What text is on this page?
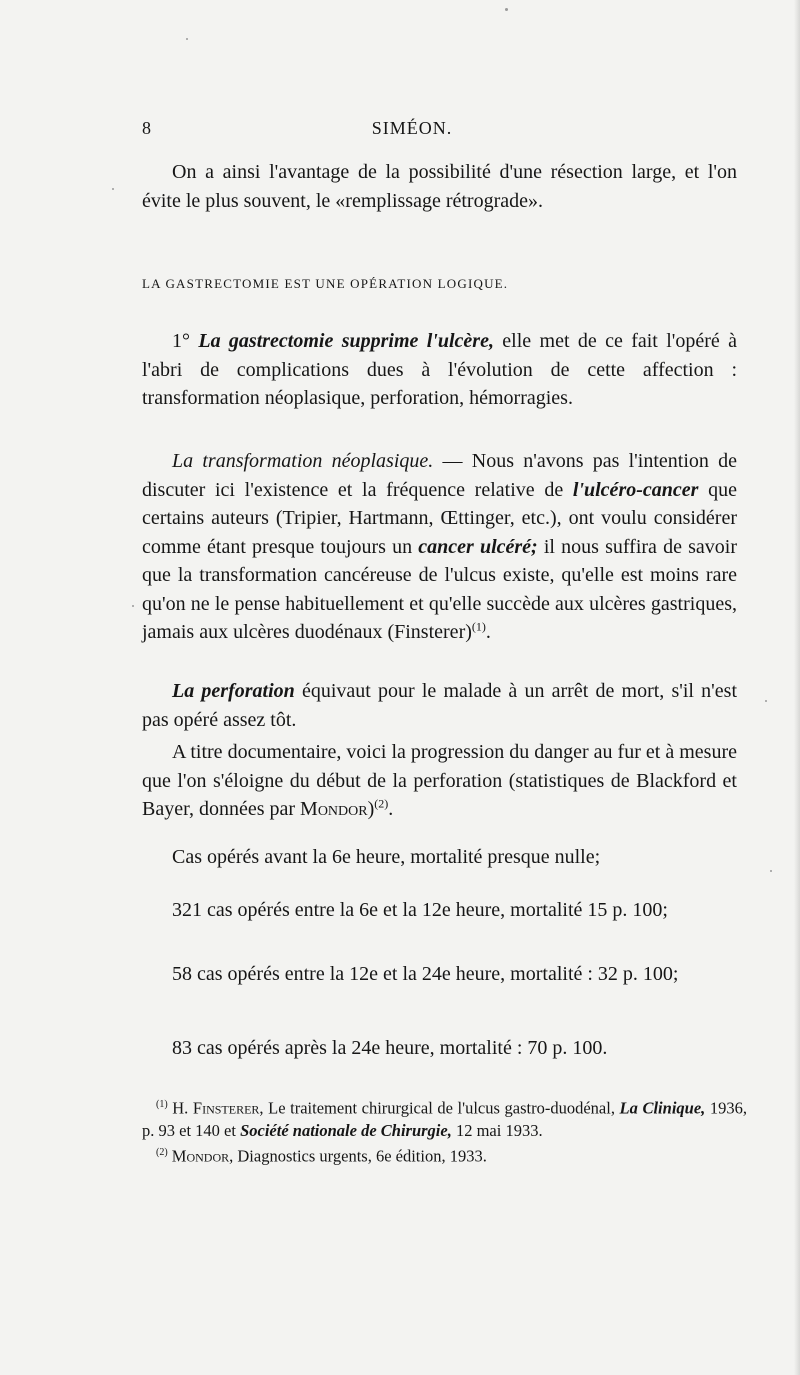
8	SIMÉON.

On a ainsi l'avantage de la possibilité d'une résection large, et l'on évite le plus souvent, le «remplissage rétrograde».

LA GASTRECTOMIE EST UNE OPÉRATION LOGIQUE.

1° La gastrectomie supprime l'ulcère, elle met de ce fait l'opéré à l'abri de complications dues à l'évolution de cette affection : transformation néoplasique, perforation, hémorragies.

La transformation néoplasique. — Nous n'avons pas l'intention de discuter ici l'existence et la fréquence relative de l'ulcéro-cancer que certains auteurs (Tripier, Hartmann, Œttinger, etc.), ont voulu considérer comme étant presque toujours un cancer ulcéré; il nous suffira de savoir que la transformation cancéreuse de l'ulcus existe, qu'elle est moins rare qu'on ne le pense habituellement et qu'elle succède aux ulcères gastriques, jamais aux ulcères duodénaux (Finsterer)$^{(1)}$.

La perforation équivaut pour le malade à un arrêt de mort, s'il n'est pas opéré assez tôt.

A titre documentaire, voici la progression du danger au fur et à mesure que l'on s'éloigne du début de la perforation (statistiques de Blackford et Bayer, données par Mondor)$^{(2)}$.

Cas opérés avant la 6e heure, mortalité presque nulle;

321 cas opérés entre la 6e et la 12e heure, mortalité 15 p. 100;

58 cas opérés entre la 12e et la 24e heure, mortalité : 32 p. 100;

83 cas opérés après la 24e heure, mortalité : 70 p. 100.

$^{(1)}$ H. Finsterer, Le traitement chirurgical de l'ulcus gastro-duodénal, La Clinique, 1936, p. 93 et 140 et Société nationale de Chirurgie, 12 mai 1933.

$^{(2)}$ Mondor, Diagnostics urgents, 6e édition, 1933.
